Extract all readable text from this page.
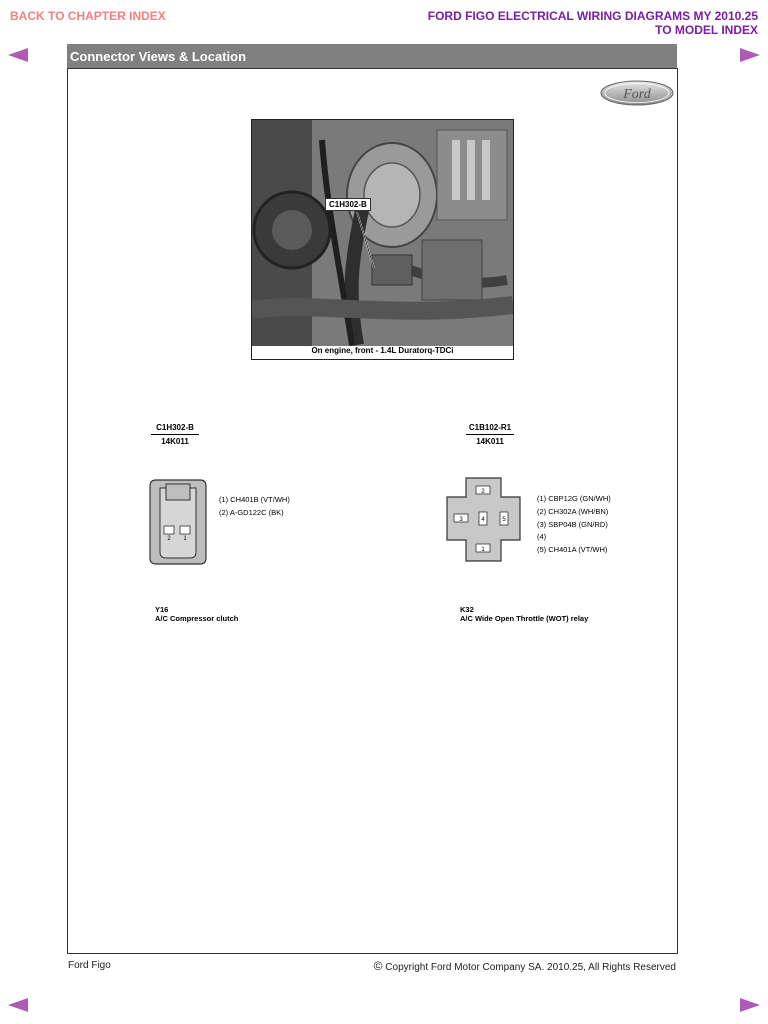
BACK TO CHAPTER INDEX	FORD FIGO ELECTRICAL WIRING DIAGRAMS MY 2010.25
TO MODEL INDEX
Connector Views & Location
Ford
C1H302-B
On engine, front - 1.4L Duratorq-TDCi
C1H302-B
14K011
2 1
(1) CH401B (VT/WH)
(2) A-GD122C (BK)
Y16
A/C Compressor clutch
C1B102-R1
14K011
2
3	4	5
1
(1) CBP12G (GN/WH)
(2) CH302A (WH/BN)
(3) SBP04B (GN/RD)
(4)
(5) CH401A (VT/WH)
K32
A/C Wide Open Throttle (WOT) relay
Ford Figo	© Copyright Ford Motor Company SA. 2010.25, All Rights Reserved
